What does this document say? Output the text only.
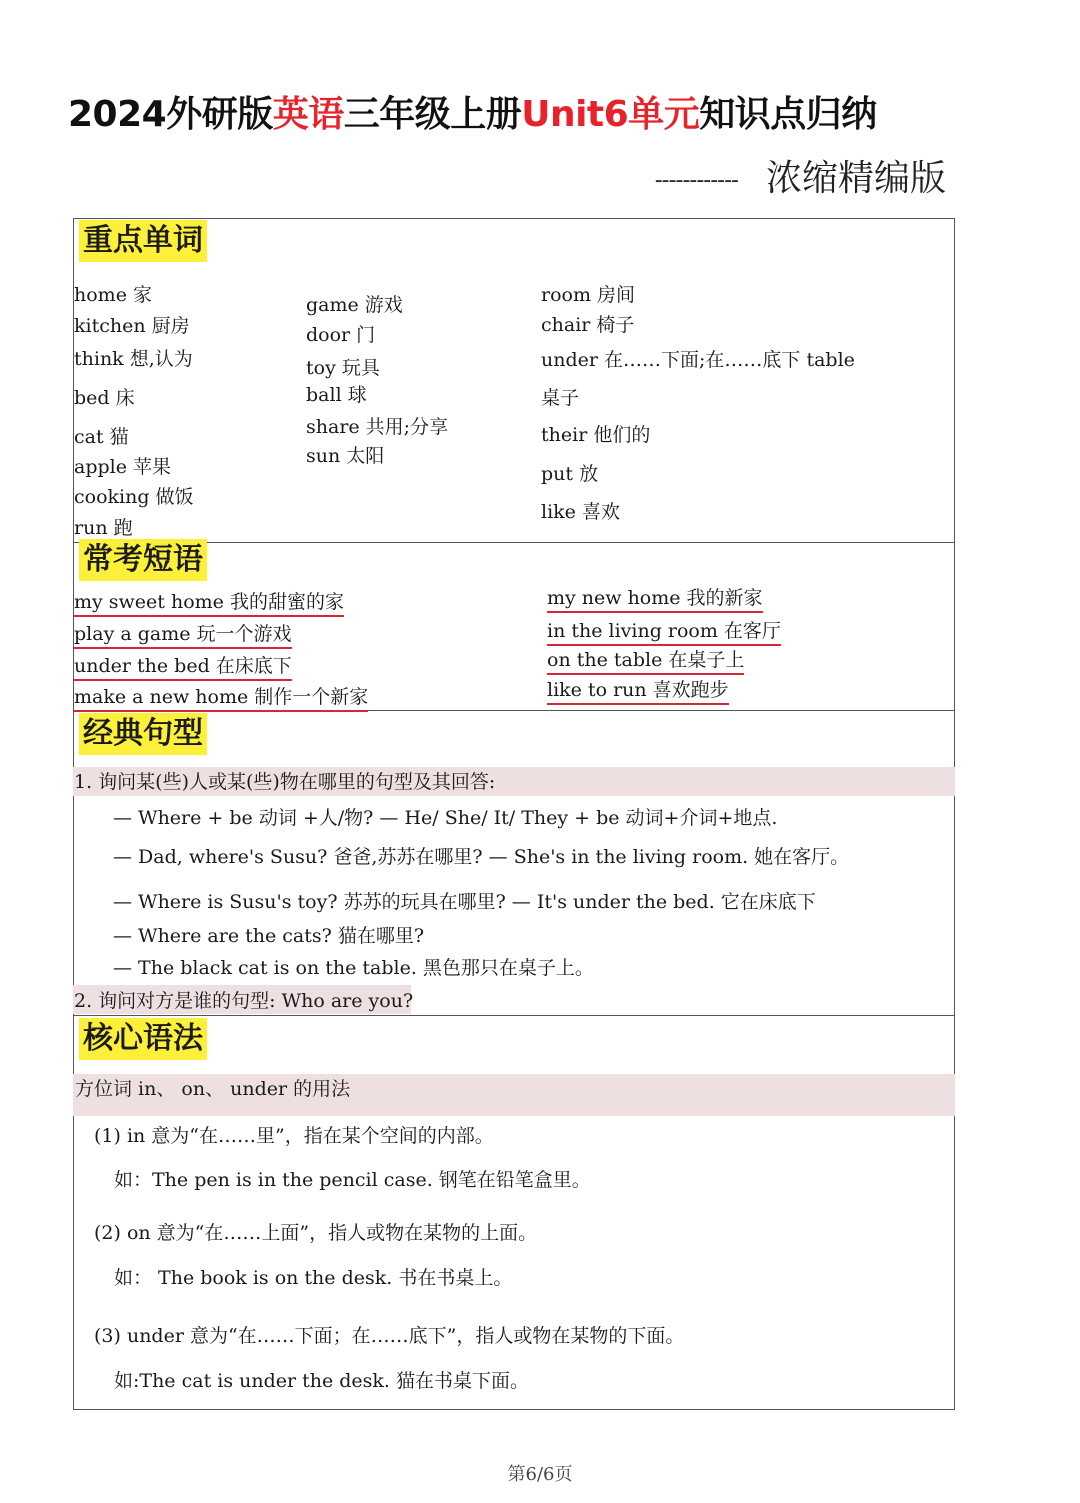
2024外研版英语三年级上册Unit6单元知识点归纳
------------ 浓缩精编版
重点单词
home 家
kitchen 厨房
think 想,认为
bed 床
cat 猫
apple 苹果
cooking 做饭
run 跑
game 游戏
door 门
toy 玩具
ball 球
share 共用;分享
sun 太阳
room 房间
chair 椅子
under 在……下面;在……底下 table
桌子
their 他们的
put 放
like 喜欢
常考短语
my sweet home 我的甜蜜的家
play a game 玩一个游戏
under the bed 在床底下
make a new home 制作一个新家
my new home 我的新家
in the living room 在客厅
on the table 在桌子上
like to run 喜欢跑步
经典句型
1. 询问某(些)人或某(些)物在哪里的句型及其回答:
— Where + be 动词 +人/物? — He/ She/ It/ They + be 动词+介词+地点.
— Dad, where's Susu? 爸爸,苏苏在哪里? — She's in the living room. 她在客厅。
— Where is Susu's toy? 苏苏的玩具在哪里? — It's under the bed. 它在床底下
— Where are the cats? 猫在哪里?
— The black cat is on the table. 黑色那只在桌子上。
2. 询问对方是谁的句型: Who are you?
核心语法
方位词 in、 on、 under 的用法
(1) in 意为“在……里”，指在某个空间的内部。
如：The pen is in the pencil case. 钢笔在铅笔盒里。
(2) on 意为“在……上面”，指人或物在某物的上面。
如： The book is on the desk. 书在书桌上。
(3) under 意为“在……下面；在……底下”，指人或物在某物的下面。
如:The cat is under the desk. 猫在书桌下面。
第6/6页
